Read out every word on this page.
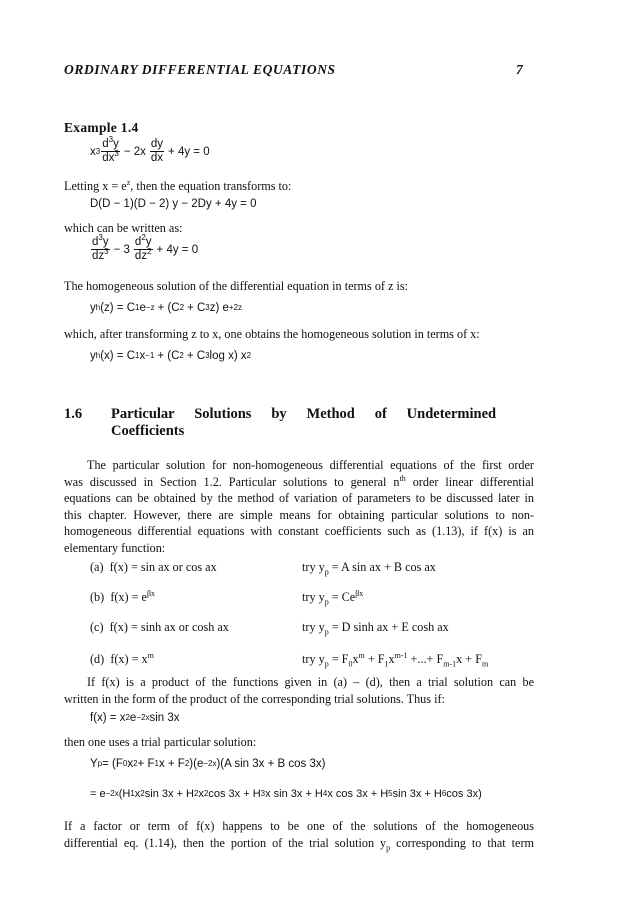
ORDINARY DIFFERENTIAL EQUATIONS	7
Example 1.4
x $3 \frac{d^3y}{dx^3} - 2x \frac{dy}{dx} + 4y = 0$
Letting $x = e^z$, then the equation transforms to:
D(D − 1)(D − 2) y − 2Dy + 4y = 0
which can be written as:
$\frac{d^3y}{dz^3} - 3 \frac{d^2y}{dz^2} + 4y = 0$
The homogeneous solution of the differential equation in terms of z is:
y h (z) = C 1 e −z + (C 2 + C 3 z) e +2z
which, after transforming z to x, one obtains the homogeneous solution in terms of x:
y h (x) = C 1 x −1 + (C 2 + C 3 log x) x 2
1.6 Particular   Solutions   by   Method   of   Undetermined
Coefficients
The particular solution for non-homogeneous differential equations of the first order
was discussed in Section 1.2. Particular solutions to general $n^{th}$ order linear differential
equations can be obtained by the method of variation of parameters to be discussed later in
this chapter. However, there are simple means for obtaining particular solutions to non-
homogeneous differential equations with constant coefficients such as (1.13), if f(x) is an
elementary function:
(a) f(x) = sin ax or cos ax	try $y_p = A$ sin ax + B cos ax
(b) $f(x) = e^{\beta x}$	try $y_p = Ce^{\beta x}$
(c) f(x) = sinh ax or cosh ax	try $y_p = D$ sinh ax + E cosh ax
(d) $f(x) = x^m$	try $y_p = F_0x^m + F_1x^{m-1}$ +...+ $F_{m-1}x + F_m$
If f(x) is a product of the functions given in (a) – (d), then a trial solution can be
written in the form of the product of the corresponding trial solutions. Thus if:
f(x) = x 2 e −2x sin 3x
then one uses a trial particular solution:
Y p = (F 0 x 2 + F 1 x + F 2 )(e −2x )(A sin 3x + B cos 3x)
= e −2x (H 1 x 2 sin 3x + H 2 x 2 cos 3x + H 3 x sin 3x + H 4 x cos 3x + H 5 sin 3x + H 6 cos 3x)
If a factor or term of f(x) happens to be one of the solutions of the homogeneous
differential eq. (1.14), then the portion of the trial solution $y_p$ corresponding to that term
